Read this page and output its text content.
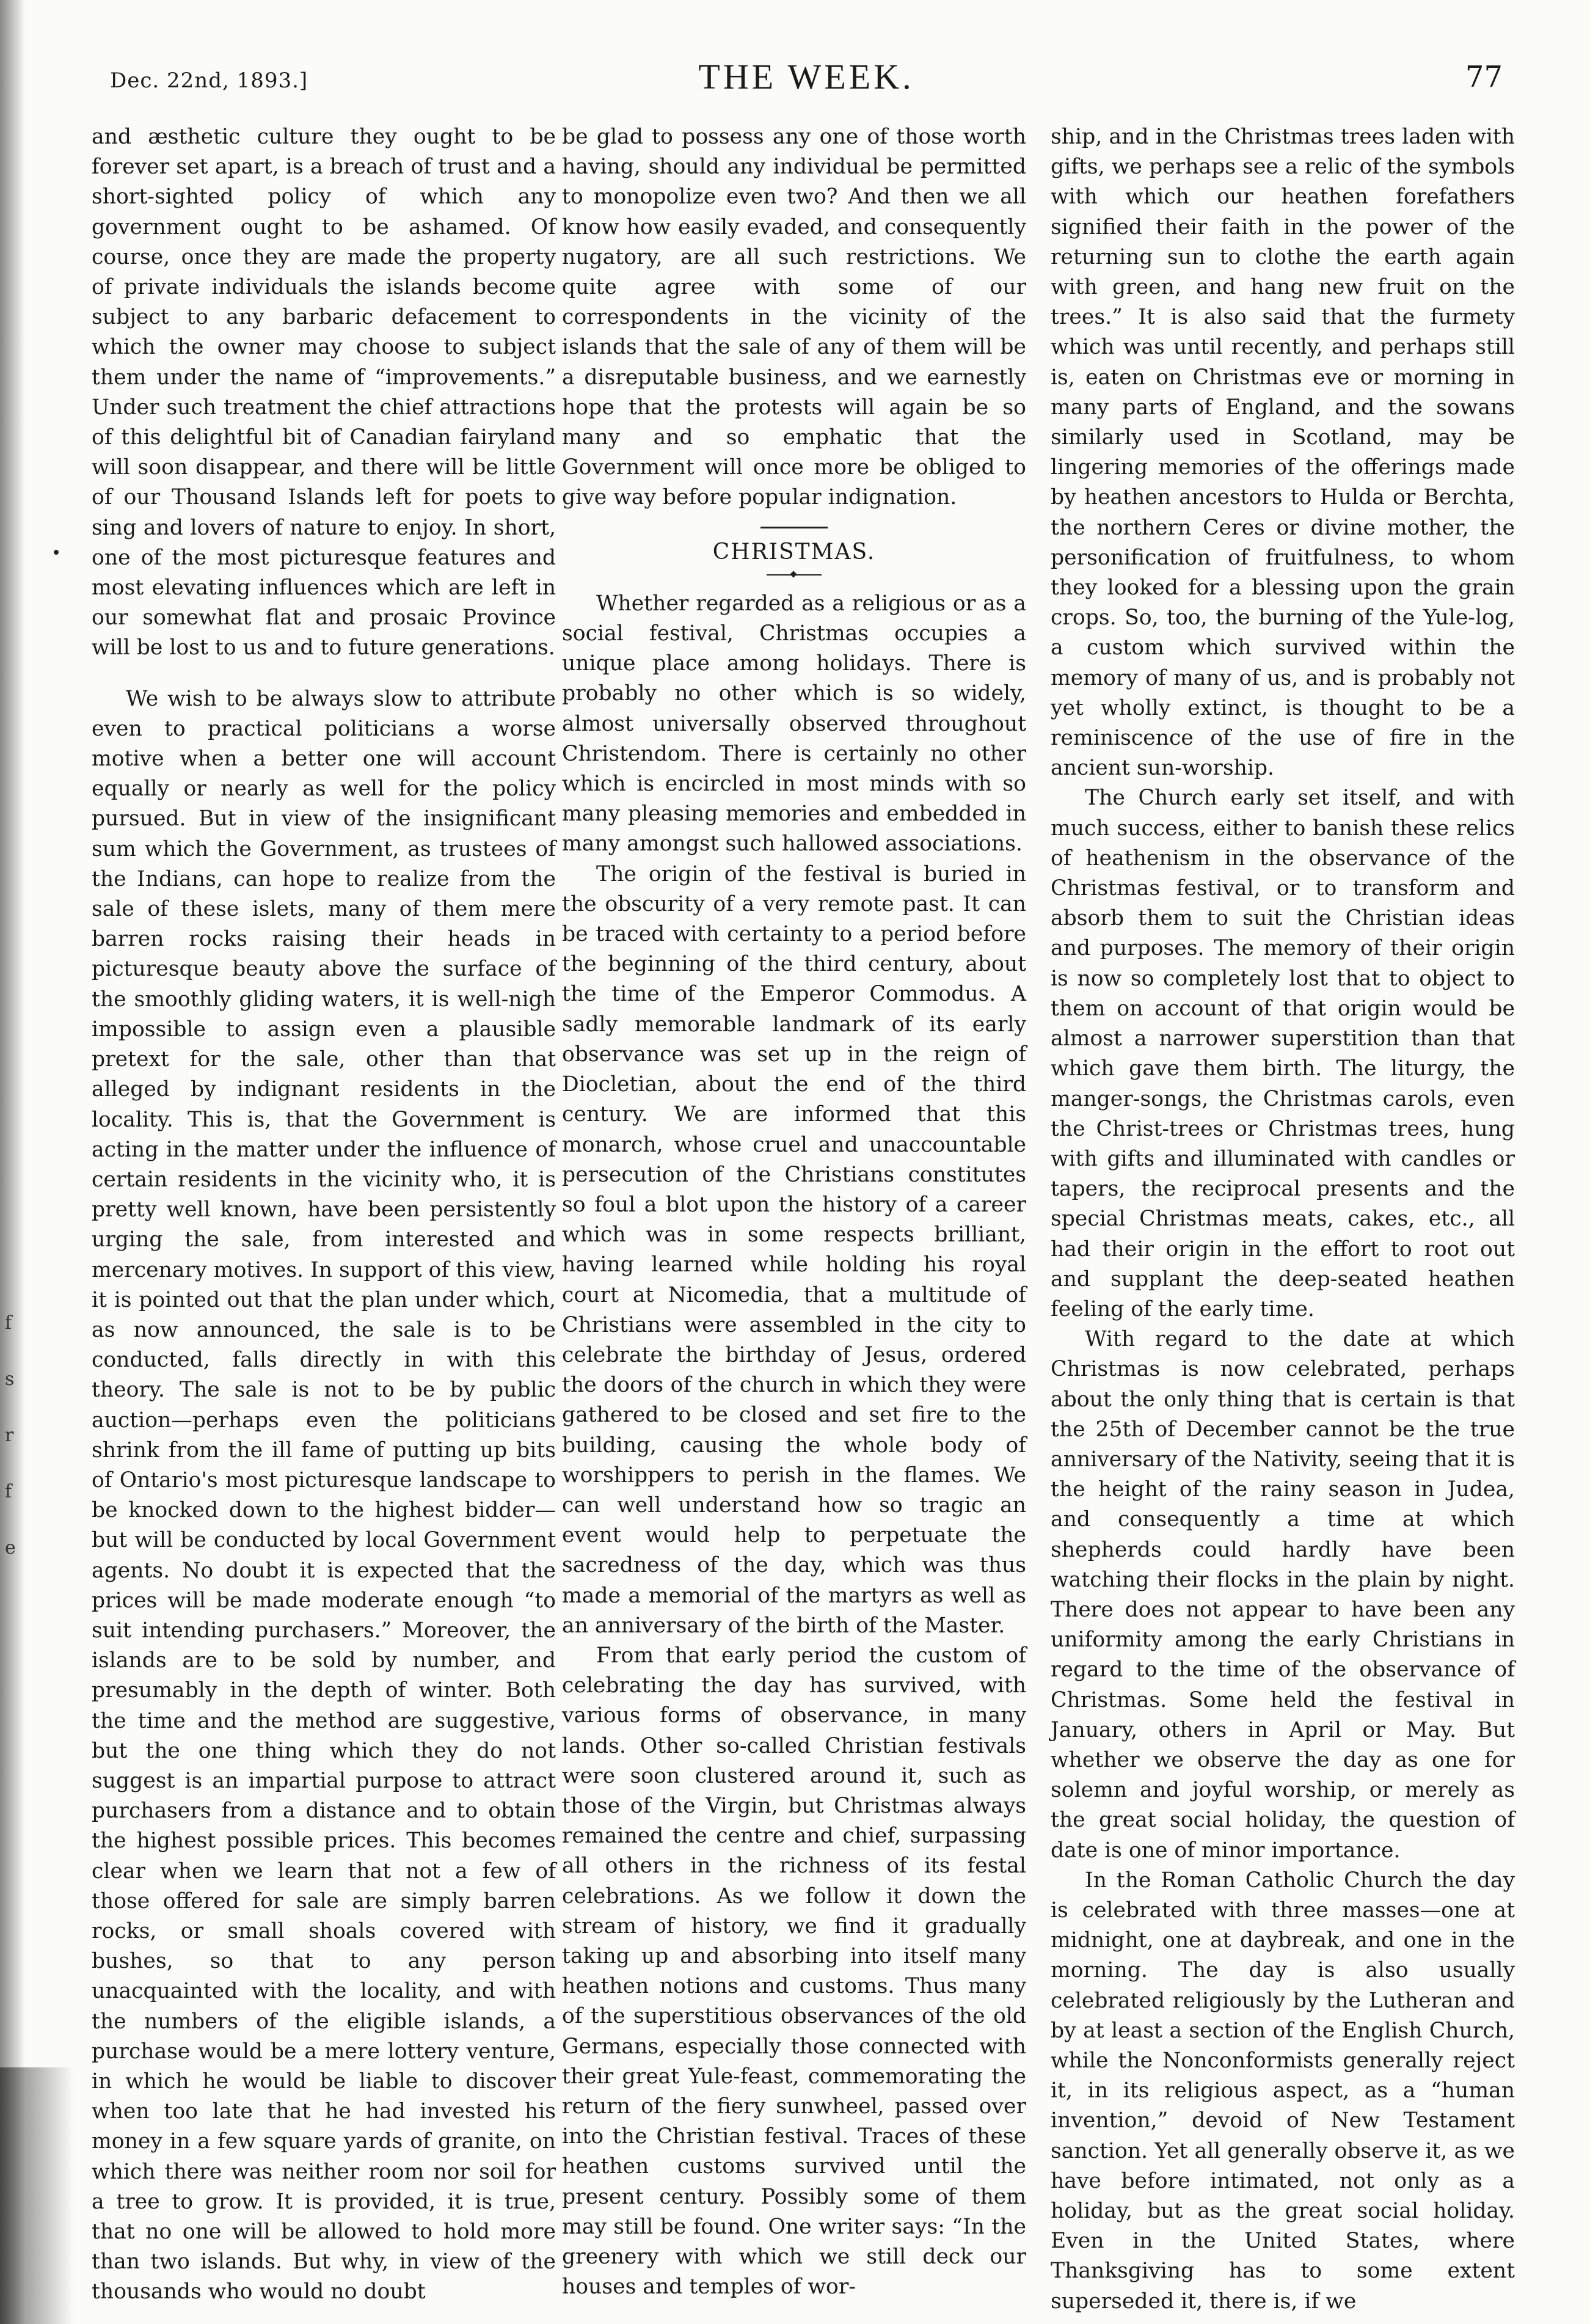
f
s
r
f
e
Dec. 22nd, 1893.]	THE WEEK.	77

and æsthetic culture they ought to be forever set apart, is a breach of trust and a short-sighted policy of which any government ought to be ashamed. Of course, once they are made the property of private individuals the islands become subject to any barbaric defacement to which the owner may choose to subject them under the name of “improvements.” Under such treatment the chief attractions of this delightful bit of Canadian fairyland will soon disappear, and there will be little of our Thousand Islands left for poets to sing and lovers of nature to enjoy. In short, one of the most picturesque features and most elevating influences which are left in our somewhat flat and prosaic Province will be lost to us and to future generations.

We wish to be always slow to attribute even to practical politicians a worse motive when a better one will account equally or nearly as well for the policy pursued. But in view of the insignificant sum which the Government, as trustees of the Indians, can hope to realize from the sale of these islets, many of them mere barren rocks raising their heads in picturesque beauty above the surface of the smoothly gliding waters, it is well-nigh impossible to assign even a plausible pretext for the sale, other than that alleged by indignant residents in the locality. This is, that the Government is acting in the matter under the influence of certain residents in the vicinity who, it is pretty well known, have been persistently urging the sale, from interested and mercenary motives. In support of this view, it is pointed out that the plan under which, as now announced, the sale is to be conducted, falls directly in with this theory. The sale is not to be by public auction—perhaps even the politicians shrink from the ill fame of putting up bits of Ontario's most picturesque landscape to be knocked down to the highest bidder—but will be conducted by local Government agents. No doubt it is expected that the prices will be made moderate enough “to suit intending purchasers.” Moreover, the islands are to be sold by number, and presumably in the depth of winter. Both the time and the method are suggestive, but the one thing which they do not suggest is an impartial purpose to attract purchasers from a distance and to obtain the highest possible prices. This becomes clear when we learn that not a few of those offered for sale are simply barren rocks, or small shoals covered with bushes, so that to any person unacquainted with the locality, and with the numbers of the eligible islands, a purchase would be a mere lottery venture, in which he would be liable to discover when too late that he had invested his money in a few square yards of granite, on which there was neither room nor soil for a tree to grow. It is provided, it is true, that no one will be allowed to hold more than two islands. But why, in view of the thousands who would no doubt

be glad to possess any one of those worth having, should any individual be permitted to monopolize even two? And then we all know how easily evaded, and consequently nugatory, are all such restrictions. We quite agree with some of our correspondents in the vicinity of the islands that the sale of any of them will be a disreputable business, and we earnestly hope that the protests will again be so many and so emphatic that the Government will once more be obliged to give way before popular indignation.

CHRISTMAS.

Whether regarded as a religious or as a social festival, Christmas occupies a unique place among holidays. There is probably no other which is so widely, almost universally observed throughout Christendom. There is certainly no other which is encircled in most minds with so many pleasing memories and embedded in many amongst such hallowed associations.

The origin of the festival is buried in the obscurity of a very remote past. It can be traced with certainty to a period before the beginning of the third century, about the time of the Emperor Commodus. A sadly memorable landmark of its early observance was set up in the reign of Diocletian, about the end of the third century. We are informed that this monarch, whose cruel and unaccountable persecution of the Christians constitutes so foul a blot upon the history of a career which was in some respects brilliant, having learned while holding his royal court at Nicomedia, that a multitude of Christians were assembled in the city to celebrate the birthday of Jesus, ordered the doors of the church in which they were gathered to be closed and set fire to the building, causing the whole body of worshippers to perish in the flames. We can well understand how so tragic an event would help to perpetuate the sacredness of the day, which was thus made a memorial of the martyrs as well as an anniversary of the birth of the Master.

From that early period the custom of celebrating the day has survived, with various forms of observance, in many lands. Other so-called Christian festivals were soon clustered around it, such as those of the Virgin, but Christmas always remained the centre and chief, surpassing all others in the richness of its festal celebrations. As we follow it down the stream of history, we find it gradually taking up and absorbing into itself many heathen notions and customs. Thus many of the superstitious observances of the old Germans, especially those connected with their great Yule-feast, commemorating the return of the fiery sunwheel, passed over into the Christian festival. Traces of these heathen customs survived until the present century. Possibly some of them may still be found. One writer says: “In the greenery with which we still deck our houses and temples of wor-

ship, and in the Christmas trees laden with gifts, we perhaps see a relic of the symbols with which our heathen forefathers signified their faith in the power of the returning sun to clothe the earth again with green, and hang new fruit on the trees.” It is also said that the furmety which was until recently, and perhaps still is, eaten on Christmas eve or morning in many parts of England, and the sowans similarly used in Scotland, may be lingering memories of the offerings made by heathen ancestors to Hulda or Berchta, the northern Ceres or divine mother, the personification of fruitfulness, to whom they looked for a blessing upon the grain crops. So, too, the burning of the Yule-log, a custom which survived within the memory of many of us, and is probably not yet wholly extinct, is thought to be a reminiscence of the use of fire in the ancient sun-worship.

The Church early set itself, and with much success, either to banish these relics of heathenism in the observance of the Christmas festival, or to transform and absorb them to suit the Christian ideas and purposes. The memory of their origin is now so completely lost that to object to them on account of that origin would be almost a narrower superstition than that which gave them birth. The liturgy, the manger-songs, the Christmas carols, even the Christ-trees or Christmas trees, hung with gifts and illuminated with candles or tapers, the reciprocal presents and the special Christmas meats, cakes, etc., all had their origin in the effort to root out and supplant the deep-seated heathen feeling of the early time.

With regard to the date at which Christmas is now celebrated, perhaps about the only thing that is certain is that the 25th of December cannot be the true anniversary of the Nativity, seeing that it is the height of the rainy season in Judea, and consequently a time at which shepherds could hardly have been watching their flocks in the plain by night. There does not appear to have been any uniformity among the early Christians in regard to the time of the observance of Christmas. Some held the festival in January, others in April or May. But whether we observe the day as one for solemn and joyful worship, or merely as the great social holiday, the question of date is one of minor importance.

In the Roman Catholic Church the day is celebrated with three masses—one at midnight, one at daybreak, and one in the morning. The day is also usually celebrated religiously by the Lutheran and by at least a section of the English Church, while the Nonconformists generally reject it, in its religious aspect, as a “human invention,” devoid of New Testament sanction. Yet all generally observe it, as we have before intimated, not only as a holiday, but as the great social holiday. Even in the United States, where Thanksgiving has to some extent superseded it, there is, if we
